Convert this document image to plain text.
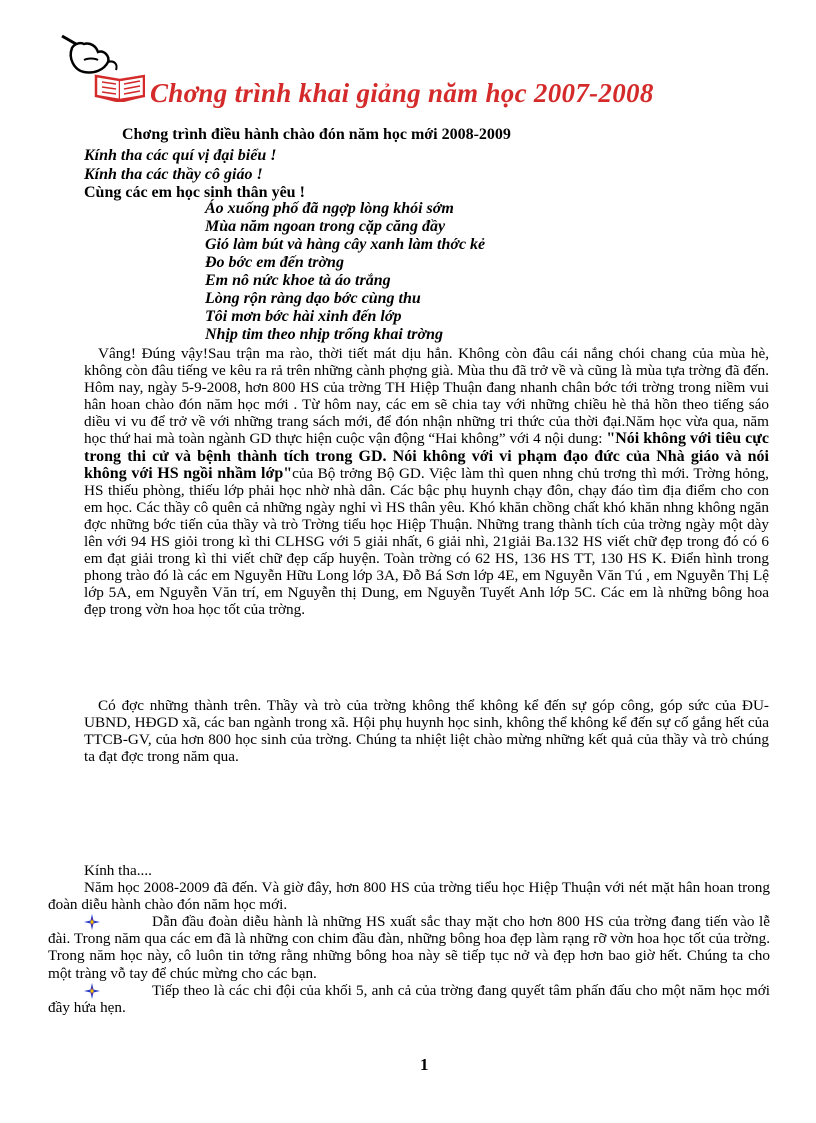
Chơng trình khai giảng năm học 2007-2008
Chơng trình điều hành chào đón năm học mới 2008-2009
Kính tha các quí vị đại biểu !
Kính tha các thầy cô giáo !
Cùng các em học sinh thân yêu !
Áo xuống phố đã ngợp lòng khói sớm
Mùa năm ngoan trong cặp căng đầy
Gió làm bút và hàng cây xanh làm thớc kẻ
Đo bớc em đến trờng
Em nô nức khoe tà áo trắng
Lòng rộn ràng dạo bớc cùng thu
Tôi mơn bớc hài xinh đến lớp
Nhịp tim theo nhịp trống khai trờng
Vâng! Đúng vậy!Sau trận ma rào, thời tiết mát dịu hẳn. Không còn đâu cái nắng chói chang của mùa hè, không còn đâu tiếng ve kêu ra rả trên những cành phợng già. Mùa thu đã trở về và cũng là mùa tựa trờng đã đến. Hôm nay, ngày 5-9-2008, hơn 800 HS của trờng TH Hiệp Thuận đang nhanh chân bớc tới trờng trong niềm vui hân hoan chào đón năm học mới . Từ hôm nay, các em sẽ chia tay với những chiều hè thả hồn theo tiếng sáo diều vi vu để trở về với những trang sách mới, để đón nhận những tri thức của thời đại.Năm học vừa qua, năm học thứ hai mà toàn ngành GD thực hiện cuộc vận động “Hai không” với 4 nội dung: "Nói không với tiêu cực trong thi cử và bệnh thành tích trong GD. Nói không với vi phạm đạo đức của Nhà giáo và nói không với HS ngồi nhầm lớp"của Bộ trởng Bộ GD. Việc làm thì quen nhng chủ trơng thì mới. Trờng hỏng, HS thiếu phòng, thiếu lớp phải học nhờ nhà dân. Các bậc phụ huynh chạy đôn, chạy đáo tìm địa điểm cho con em học. Các thầy cô quên cả những ngày nghỉ vì HS thân yêu. Khó khăn chồng chất khó khăn nhng không ngăn đợc những bớc tiến của thầy và trò Trờng tiểu học Hiệp Thuận. Những trang thành tích của trờng ngày một dày lên với 94 HS giỏi trong kì thi CLHSG với 5 giải nhất, 6 giải nhì, 21giải Ba.132 HS viết chữ đẹp trong đó có 6 em đạt giải trong kì thi viết chữ đẹp cấp huyện. Toàn trờng có 62 HS, 136 HS TT, 130 HS K. Điển hình trong phong trào đó là các em Nguyễn Hữu Long lớp 3A, Đỗ Bá Sơn lớp 4E, em Nguyễn Văn Tú , em Nguyễn Thị Lệ lớp 5A, em Nguyễn Văn trí, em Nguyễn thị Dung, em Nguyễn Tuyết Anh lớp 5C. Các em là những bông hoa đẹp trong vờn hoa học tốt của trờng.
Có đợc những thành trên. Thầy và trò của trờng không thể không kể đến sự góp công, góp sức của ĐU-UBND, HĐGD xã, các ban ngành trong xã. Hội phụ huynh học sinh, không thể không kể đến sự cố gắng hết của TTCB-GV, của hơn 800 học sinh của trờng. Chúng ta nhiệt liệt chào mừng những kết quả của thầy và trò chúng ta đạt đợc trong năm qua.
Kính tha....
Năm học 2008-2009 đã đến. Và giờ đây, hơn 800 HS của trờng tiểu học Hiệp Thuận với nét mặt hân hoan trong đoàn diễu hành chào đón năm học mới.
Dẫn đầu đoàn diễu hành là những HS xuất sắc thay mặt cho hơn 800 HS của trờng đang tiến vào lễ đài. Trong năm qua các em đã là những con chim đầu đàn, những bông hoa đẹp làm rạng rỡ vờn hoa học tốt của trờng. Trong năm học này, cô luôn tin tởng rằng những bông hoa này sẽ tiếp tục nở và đẹp hơn bao giờ hết. Chúng ta cho một tràng vỗ tay để chúc mừng cho các bạn.
Tiếp theo là các chi đội của khối 5, anh cả của trờng đang quyết tâm phấn đấu cho một năm học mới đầy hứa hẹn.
1
